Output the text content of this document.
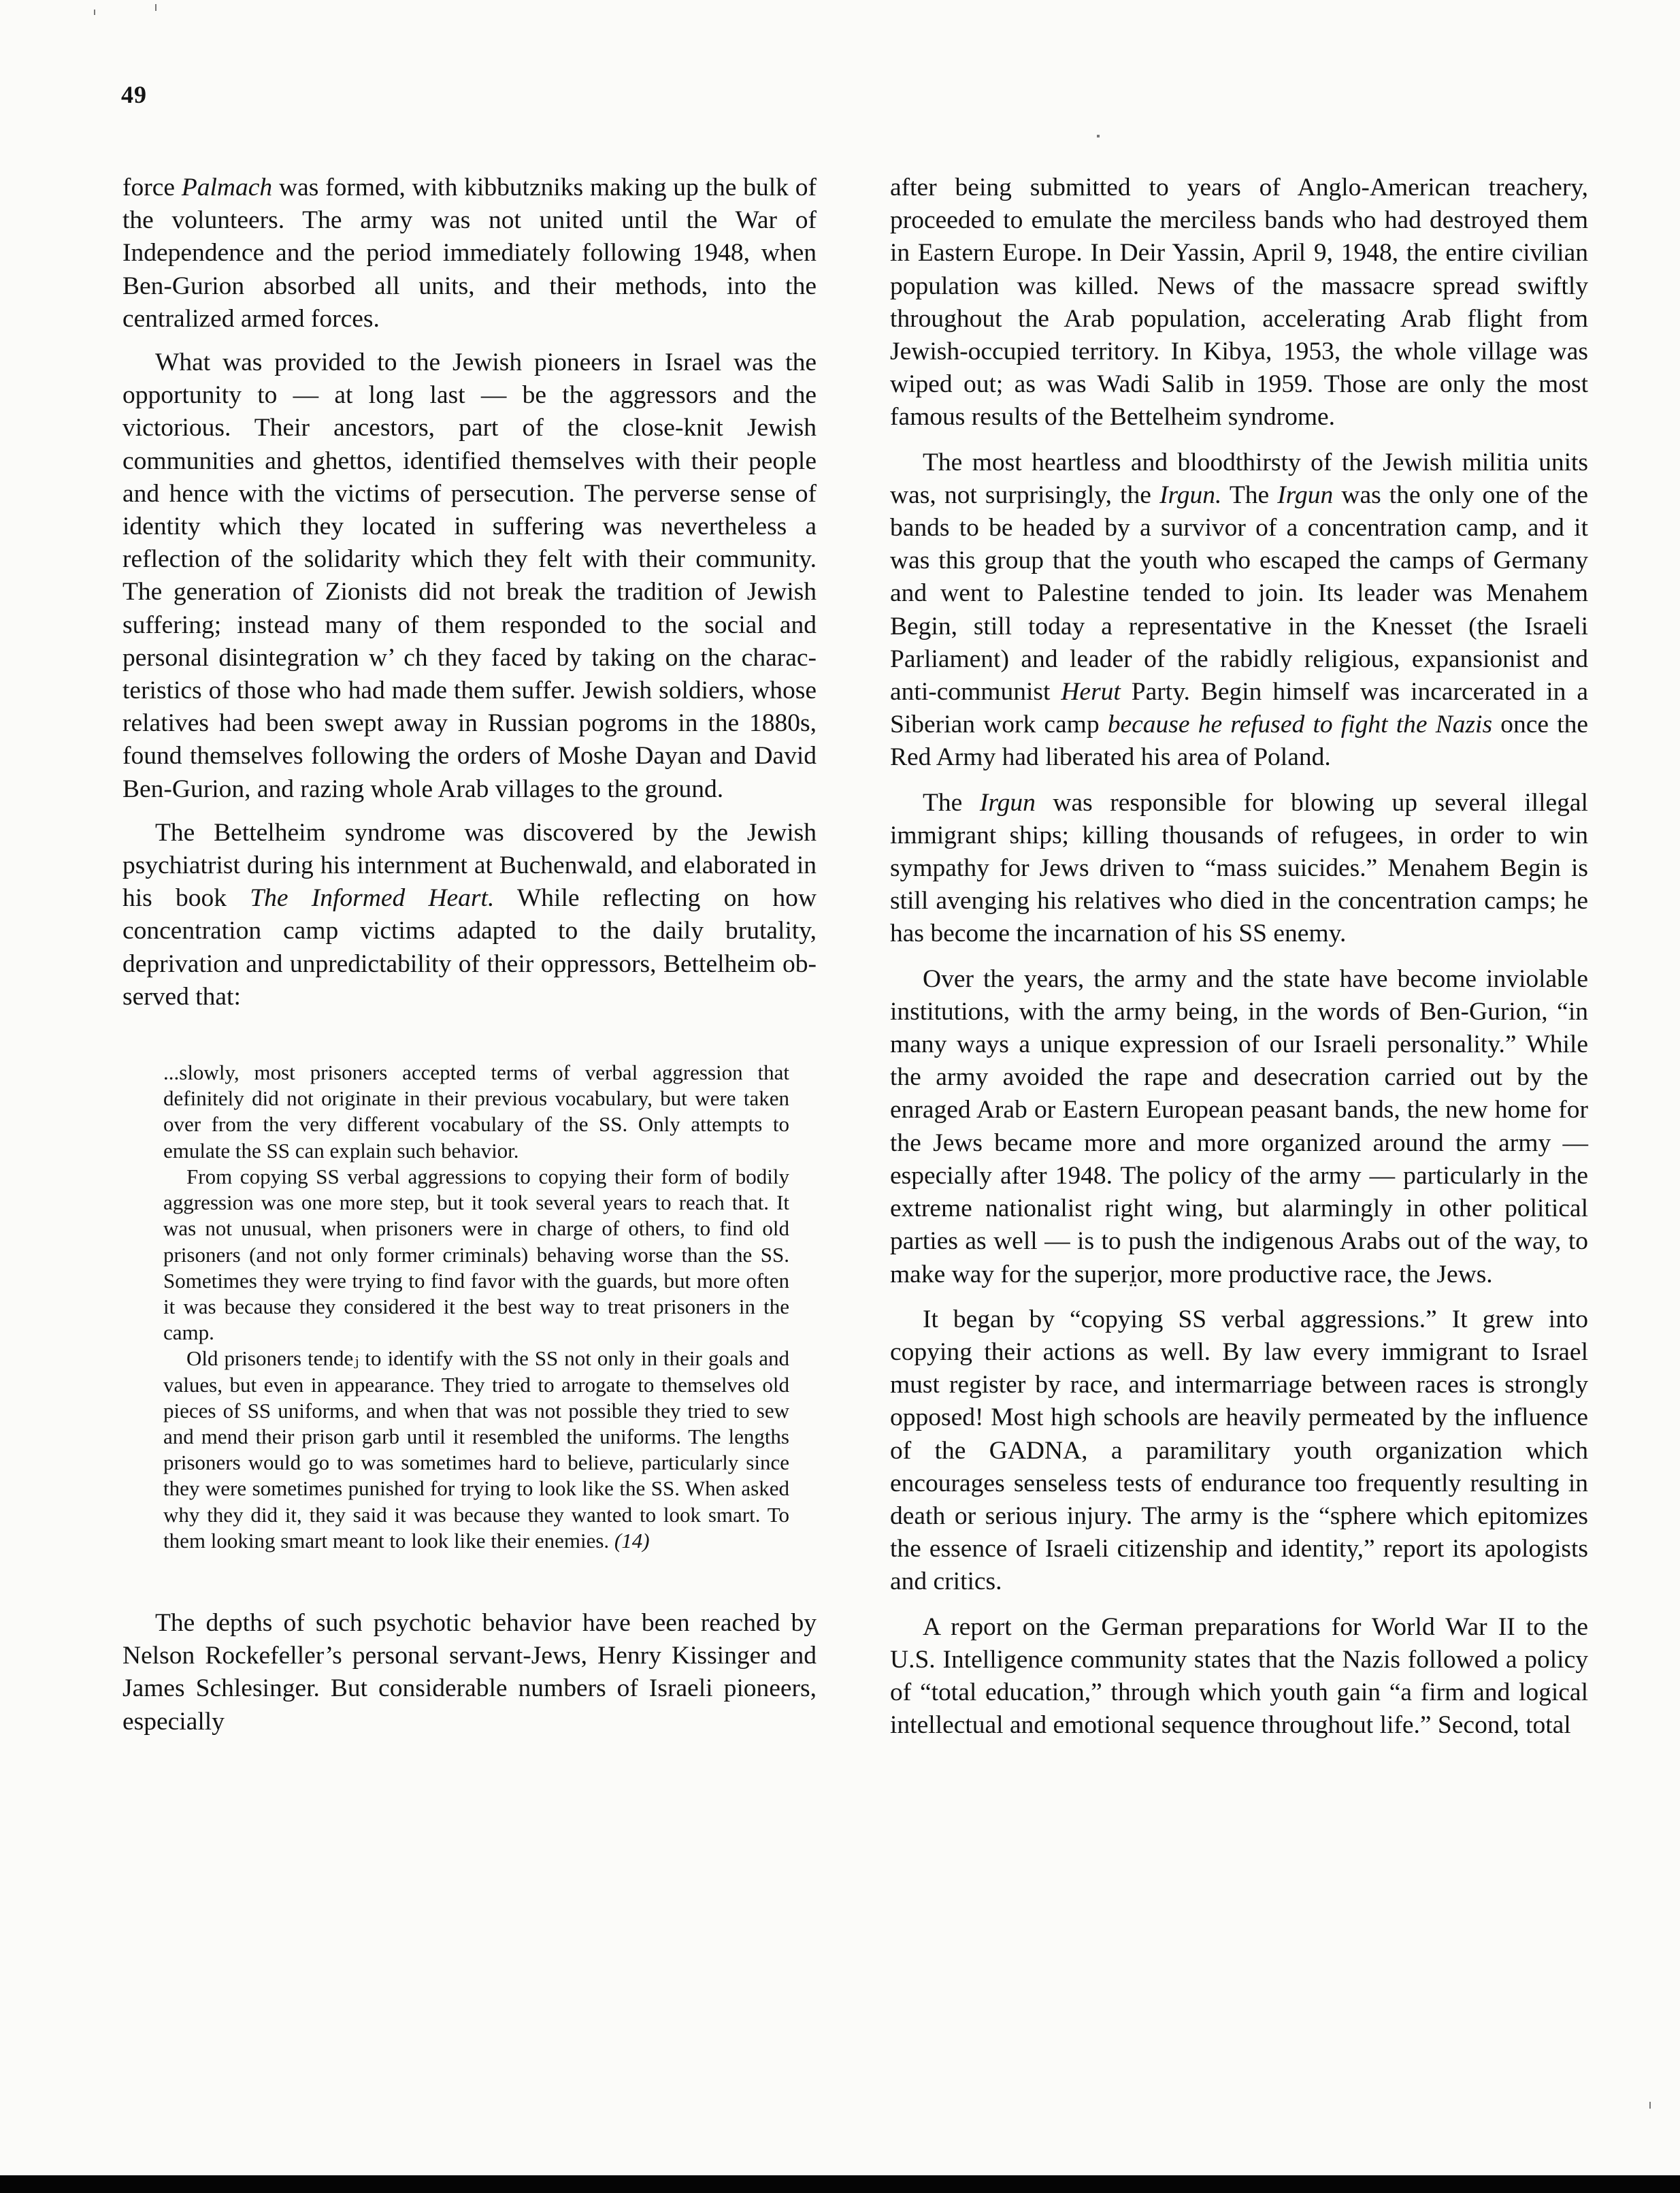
49

force Palmach was formed, with kibbutzniks making up the bulk of the volunteers. The army was not united until the War of Independence and the period immediately following 1948, when Ben-Gurion absorbed all units, and their methods, into the centralized armed forces.

What was provided to the Jewish pioneers in Israel was the opportunity to — at long last — be the aggressors and the victorious. Their ancestors, part of the close-knit Jewish communities and ghettos, identified themselves with their people and hence with the victims of persecution. The perverse sense of identity which they located in suffering was nevertheless a reflection of the solidarity which they felt with their community. The generation of Zionists did not break the tradition of Jewish suffering; instead many of them responded to the social and personal disintegration w’ ch they faced by taking on the characteristics of those who had made them suffer. Jewish soldiers, whose relatives had been swept away in Russian pogroms in the 1880s, found themselves following the orders of Moshe Dayan and David Ben-Gurion, and razing whole Arab villages to the ground.

The Bettelheim syndrome was discovered by the Jewish psychiatrist during his internment at Buchenwald, and elaborated in his book The Informed Heart. While reflecting on how concentration camp victims adapted to the daily brutality, deprivation and unpredictability of their oppressors, Bettelheim observed that:

...slowly, most prisoners accepted terms of verbal aggression that definitely did not originate in their previous vocabulary, but were taken over from the very different vocabulary of the SS. Only attempts to emulate the SS can explain such behavior.

From copying SS verbal aggressions to copying their form of bodily aggression was one more step, but it took several years to reach that. It was not unusual, when prisoners were in charge of others, to find old prisoners (and not only former criminals) behaving worse than the SS. Sometimes they were trying to find favor with the guards, but more often it was because they considered it the best way to treat prisoners in the camp.

Old prisoners tendeⱼ to identify with the SS not only in their goals and values, but even in appearance. They tried to arrogate to themselves old pieces of SS uniforms, and when that was not possible they tried to sew and mend their prison garb until it resembled the uniforms. The lengths prisoners would go to was sometimes hard to believe, particularly since they were sometimes punished for trying to look like the SS. When asked why they did it, they said it was because they wanted to look smart. To them looking smart meant to look like their enemies. (14)

The depths of such psychotic behavior have been reached by Nelson Rockefeller’s personal servant-Jews, Henry Kissinger and James Schlesinger. But considerable numbers of Israeli pioneers, especially

after being submitted to years of Anglo-American treachery, proceeded to emulate the merciless bands who had destroyed them in Eastern Europe. In Deir Yassin, April 9, 1948, the entire civilian population was killed. News of the massacre spread swiftly throughout the Arab population, accelerating Arab flight from Jewish-occupied territory. In Kibya, 1953, the whole village was wiped out; as was Wadi Salib in 1959. Those are only the most famous results of the Bettelheim syndrome.

The most heartless and bloodthirsty of the Jewish militia units was, not surprisingly, the Irgun. The Irgun was the only one of the bands to be headed by a survivor of a concentration camp, and it was this group that the youth who escaped the camps of Germany and went to Palestine tended to join. Its leader was Menahem Begin, still today a representative in the Knesset (the Israeli Parliament) and leader of the rabidly religious, expansionist and anti-communist Herut Party. Begin himself was incarcerated in a Siberian work camp because he refused to fight the Nazis once the Red Army had liberated his area of Poland.

The Irgun was responsible for blowing up several illegal immigrant ships; killing thousands of refugees, in order to win sympathy for Jews driven to “mass suicides.” Menahem Begin is still avenging his relatives who died in the concentration camps; he has become the incarnation of his SS enemy.

Over the years, the army and the state have become inviolable institutions, with the army being, in the words of Ben-Gurion, “in many ways a unique expression of our Israeli personality.” While the army avoided the rape and desecration carried out by the enraged Arab or Eastern European peasant bands, the new home for the Jews became more and more organized around the army — especially after 1948. The policy of the army — particularly in the extreme nationalist right wing, but alarmingly in other political parties as well — is to push the indigenous Arabs out of the way, to make way for the superi̤or, more productive race, the Jews.

It began by “copying SS verbal aggressions.” It grew into copying their actions as well. By law every immigrant to Israel must register by race, and intermarriage between races is strongly opposed! Most high schools are heavily permeated by the influence of the GADNA, a paramilitary youth organization which encourages senseless tests of endurance too frequently resulting in death or serious injury. The army is the “sphere which epitomizes the essence of Israeli citizenship and identity,” report its apologists and critics.

A report on the German preparations for World War II to the U.S. Intelligence community states that the Nazis followed a policy of “total education,” through which youth gain “a firm and logical intellectual and emotional sequence throughout life.” Second, total
